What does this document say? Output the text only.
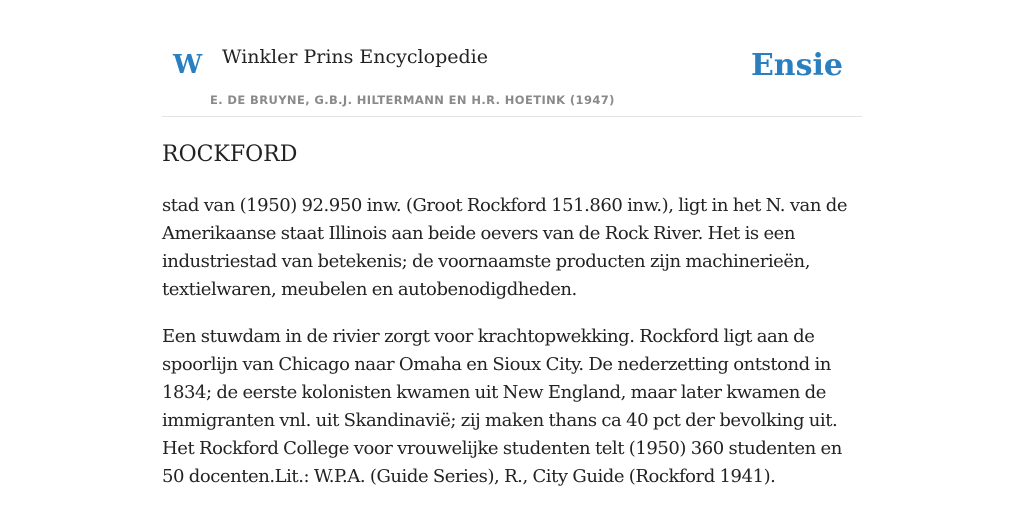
W Winkler Prins Encyclopedie
E. DE BRUYNE, G.B.J. HILTERMANN EN H.R. HOETINK (1947)
Ensie
ROCKFORD

stad van (1950) 92.950 inw. (Groot Rockford 151.860 inw.), ligt in het N. van de Amerikaanse staat Illinois aan beide oevers van de Rock River. Het is een industriestad van betekenis; de voornaamste producten zijn machinerieën, textielwaren, meubelen en autobenodigdheden.

Een stuwdam in de rivier zorgt voor krachtopwekking. Rockford ligt aan de spoorlijn van Chicago naar Omaha en Sioux City. De nederzetting ontstond in 1834; de eerste kolonisten kwamen uit New England, maar later kwamen de immigranten vnl. uit Skandinavië; zij maken thans ca 40 pct der bevolking uit. Het Rockford College voor vrouwelijke studenten telt (1950) 360 studenten en 50 docenten.Lit.: W.P.A. (Guide Series), R., City Guide (Rockford 1941).
